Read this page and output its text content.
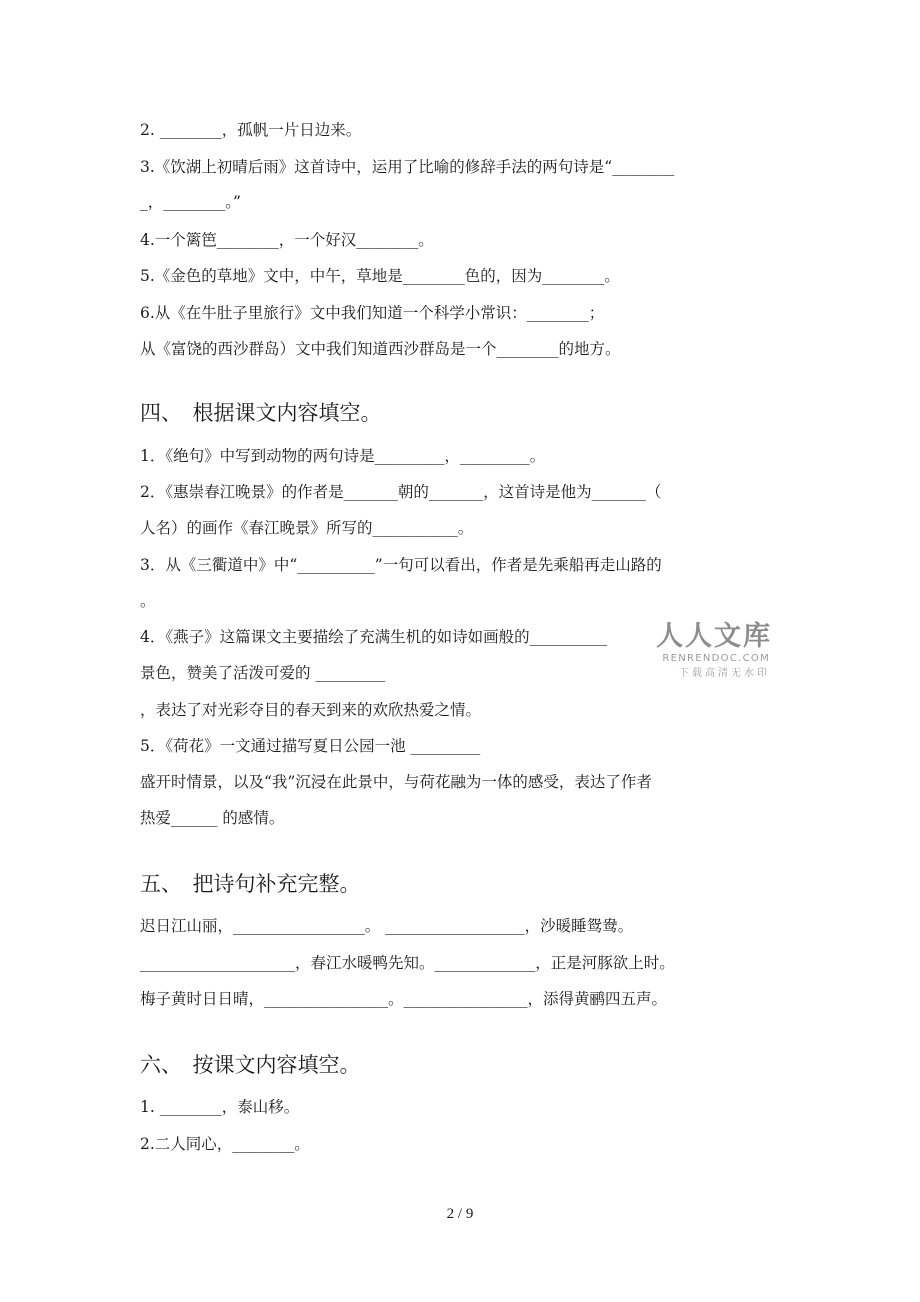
2. ________，孤帆一片日边来。
3.《饮湖上初晴后雨》这首诗中，运用了比喻的修辞手法的两句诗是“________
_，________。”
4.一个篱笆________，一个好汉________。
5.《金色的草地》文中，中午，草地是________色的，因为________。
6.从《在牛肚子里旅行》文中我们知道一个科学小常识：________；
从《富饶的西沙群岛）文中我们知道西沙群岛是一个________的地方。
四、　根据课文内容填空。
1．《绝句》中写到动物的两句诗是_________，_________。
2．《惠崇春江晚景》的作者是_______朝的_______，这首诗是他为_______（
人名）的画作《春江晚景》所写的___________。
3．从《三衢道中》中“__________”一句可以看出，作者是先乘船再走山路的
。
4．《燕子》这篇课文主要描绘了充满生机的如诗如画般的__________
景色，赞美了活泼可爱的 _________
，表达了对光彩夺目的春天到来的欢欣热爱之情。
5．《荷花》一文通过描写夏日公园一池 _________
盛开时情景，以及“我”沉浸在此景中，与荷花融为一体的感受，表达了作者
热爱______ 的感情。
人人文库
RENRENDOC.COM
下载高清无水印
五、　把诗句补充完整。
迟日江山丽，_________________。 __________________，沙暖睡鸳鸯。
____________________，春江水暖鸭先知。_____________，正是河豚欲上时。
梅子黄时日日晴，________________。________________，添得黄鹂四五声。
六、　按课文内容填空。
1. ________，泰山移。
2.二人同心，________。
2 / 9
